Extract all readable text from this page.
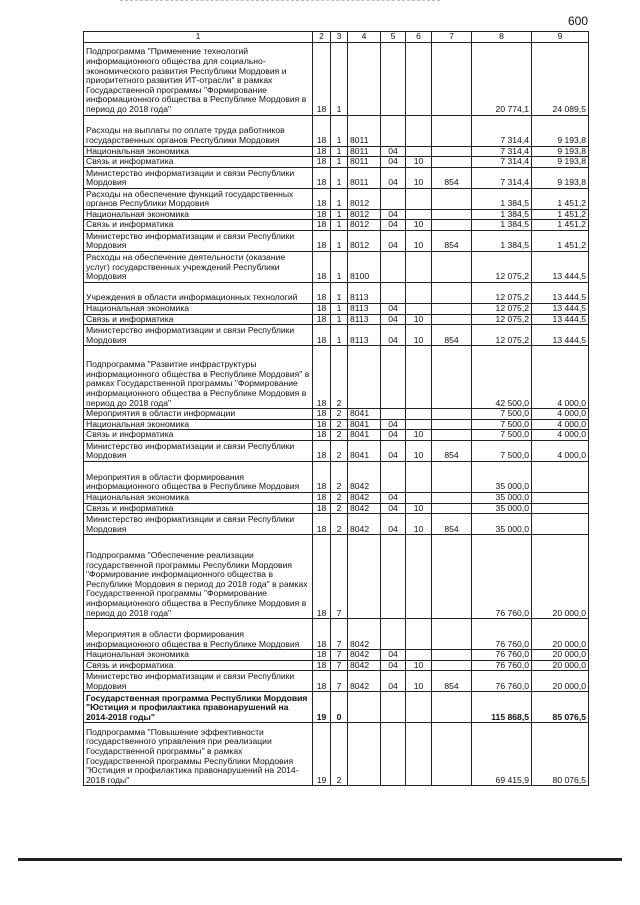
600
1	2	3	4	5	6	7	8	9
Подпрограмма "Применение технологий информационного общества для социально-экономического развития Республики Мордовия и приоритетного развития ИТ-отрасли" в рамках Государственной программы "Формирование информационного общества в Республике Мордовия в период до 2018 года"	18	1					20 774,1	24 089,5
Расходы на выплаты по оплате труда работников государственных органов Республики Мордовия	18	1	8011				7 314,4	9 193,8
Национальная экономика	18	1	8011	04			7 314,4	9 193,8
Связь и информатика	18	1	8011	04	10		7 314,4	9 193,8
Министерство информатизации и связи Республики Мордовия	18	1	8011	04	10	854	7 314,4	9 193,8
Расходы на обеспечение функций государственных органов Республики Мордовия	18	1	8012				1 384,5	1 451,2
Национальная экономика	18	1	8012	04			1 384,5	1 451,2
Связь и информатика	18	1	8012	04	10		1 384,5	1 451,2
Министерство информатизации и связи Республики Мордовия	18	1	8012	04	10	854	1 384,5	1 451,2
Расходы на обеспечение деятельности (оказание услуг) государственных учреждений Республики Мордовия	18	1	8100				12 075,2	13 444,5
Учреждения в области информационных технологий	18	1	8113				12 075,2	13 444,5
Национальная экономика	18	1	8113	04			12 075,2	13 444,5
Связь и информатика	18	1	8113	04	10		12 075,2	13 444,5
Министерство информатизации и связи Республики Мордовия	18	1	8113	04	10	854	12 075,2	13 444,5
Подпрограмма "Развитие инфраструктуры информационного общества в Республике Мордовия" в рамках Государственной программы "Формирование информационного общества в Республике Мордовия в период до 2018 года"	18	2					42 500,0	4 000,0
Мероприятия в области информации	18	2	8041				7 500,0	4 000,0
Национальная экономика	18	2	8041	04			7 500,0	4 000,0
Связь и информатика	18	2	8041	04	10		7 500,0	4 000,0
Министерство информатизации и связи Республики Мордовия	18	2	8041	04	10	854	7 500,0	4 000,0
Мероприятия в области формирования информационного общества в Республике Мордовия	18	2	8042				35 000,0	
Национальная экономика	18	2	8042	04			35 000,0	
Связь и информатика	18	2	8042	04	10		35 000,0	
Министерство информатизации и связи Республики Мордовия	18	2	8042	04	10	854	35 000,0	
Подпрограмма "Обеспечение реализации государственной программы Республики Мордовия "Формирование информационного общества в Республике Мордовия в период до 2018 года" в рамках Государственной программы "Формирование информационного общества в Республике Мордовия в период до 2018 года"	18	7					76 760,0	20 000,0
Мероприятия в области формирования информационного общества в Республике Мордовия	18	7	8042				76 760,0	20 000,0
Национальная экономика	18	7	8042	04			76 760,0	20 000,0
Связь и информатика	18	7	8042	04	10		76 760,0	20 000,0
Министерство информатизации и связи Республики Мордовия	18	7	8042	04	10	854	76 760,0	20 000,0
Государственная программа Республики Мордовия "Юстиция и профилактика правонарушений на 2014-2018 годы"	19	0					115 868,5	85 076,5
Подпрограмма "Повышение эффективности государственного управления при реализации Государственной программы" в рамках Государственной программы Республики Мордовия "Юстиция и профилактика правонарушений на 2014-2018 годы"	19	2					69 415,9	80 076,5
